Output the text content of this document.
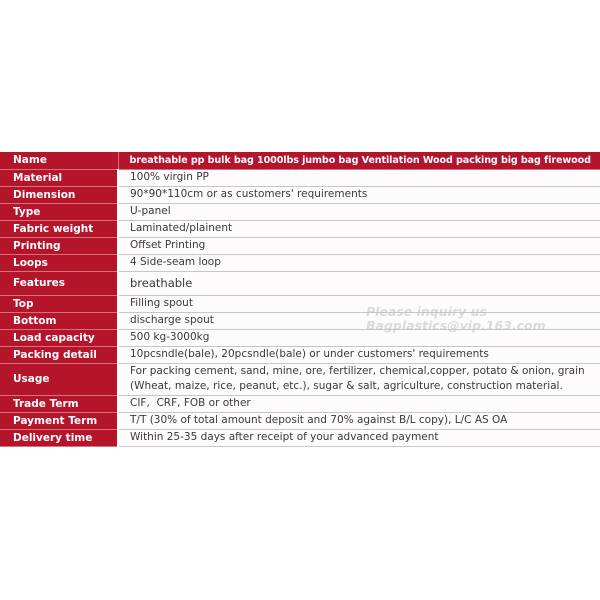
Name	breathable pp bulk bag 1000lbs jumbo bag Ventilation Wood packing big bag firewood
Material	100% virgin PP
Dimension	90*90*110cm or as customers' requirements
Type	U-panel
Fabric weight	Laminated/plainent
Printing	Offset Printing
Loops	4 Side-seam loop
Features	breathable
Top	Filling spout
Bottom	discharge spout
Load capacity	500 kg-3000kg
Packing detail	10pcsndle(bale), 20pcsndle(bale) or under customers' requirements
Usage	For packing cement, sand, mine, ore, fertilizer, chemical,copper, potato & onion, grain
(Wheat, maize, rice, peanut, etc.), sugar & salt, agriculture, construction material.

Trade Term	CIF,  CRF, FOB or other
Payment Term	T/T (30% of total amount deposit and 70% against B/L copy), L/C AS OA
Delivery time	Within 25-35 days after receipt of your advanced payment
Please inquiry us
Bagplastics@vip.163.com
